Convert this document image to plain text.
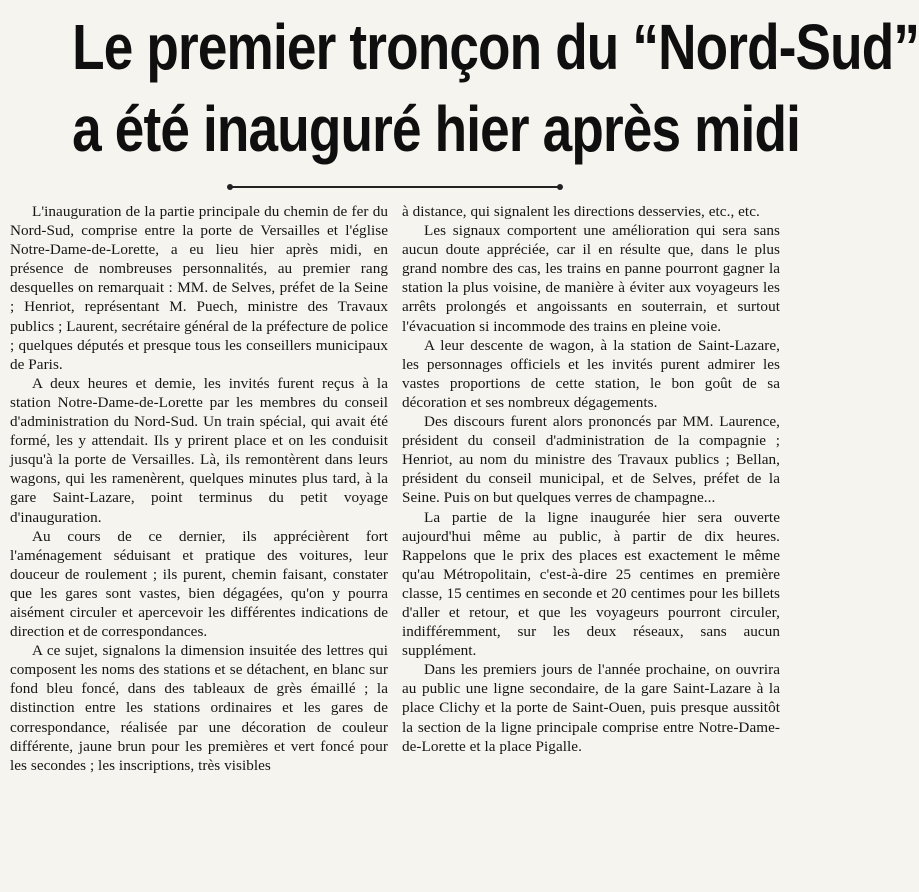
Le premier tronçon du “Nord-Sud”
a été inauguré hier après midi

L'inauguration de la partie principale du chemin de fer du Nord-Sud, comprise entre la porte de Versailles et l'église Notre-Dame-de-Lorette, a eu lieu hier après midi, en présence de nombreuses personnalités, au premier rang desquelles on remarquait : MM. de Selves, préfet de la Seine ; Henriot, représentant M. Puech, ministre des Travaux publics ; Laurent, secrétaire général de la préfecture de police ; quelques députés et presque tous les conseillers municipaux de Paris.

A deux heures et demie, les invités furent reçus à la station Notre-Dame-de-Lorette par les membres du conseil d'administration du Nord-Sud. Un train spécial, qui avait été formé, les y attendait. Ils y prirent place et on les conduisit jusqu'à la porte de Versailles. Là, ils remontèrent dans leurs wagons, qui les ramenèrent, quelques minutes plus tard, à la gare Saint-Lazare, point terminus du petit voyage d'inauguration.

Au cours de ce dernier, ils apprécièrent fort l'aménagement séduisant et pratique des voitures, leur douceur de roulement ; ils purent, chemin faisant, constater que les gares sont vastes, bien dégagées, qu'on y pourra aisément circuler et apercevoir les différentes indications de direction et de correspondances.

A ce sujet, signalons la dimension insuitée des lettres qui composent les noms des stations et se détachent, en blanc sur fond bleu foncé, dans des tableaux de grès émaillé ; la distinction entre les stations ordinaires et les gares de correspondance, réalisée par une décoration de couleur différente, jaune brun pour les premières et vert foncé pour les secondes ; les inscriptions, très visibles

à distance, qui signalent les directions desservies, etc., etc.

Les signaux comportent une amélioration qui sera sans aucun doute appréciée, car il en résulte que, dans le plus grand nombre des cas, les trains en panne pourront gagner la station la plus voisine, de manière à éviter aux voyageurs les arrêts prolongés et angoissants en souterrain, et surtout l'évacuation si incommode des trains en pleine voie.

A leur descente de wagon, à la station de Saint-Lazare, les personnages officiels et les invités purent admirer les vastes proportions de cette station, le bon goût de sa décoration et ses nombreux dégagements.

Des discours furent alors prononcés par MM. Laurence, président du conseil d'administration de la compagnie ; Henriot, au nom du ministre des Travaux publics ; Bellan, président du conseil municipal, et de Selves, préfet de la Seine. Puis on but quelques verres de champagne...

La partie de la ligne inaugurée hier sera ouverte aujourd'hui même au public, à partir de dix heures. Rappelons que le prix des places est exactement le même qu'au Métropolitain, c'est-à-dire 25 centimes en première classe, 15 centimes en seconde et 20 centimes pour les billets d'aller et retour, et que les voyageurs pourront circuler, indifféremment, sur les deux réseaux, sans aucun supplément.

Dans les premiers jours de l'année prochaine, on ouvrira au public une ligne secondaire, de la gare Saint-Lazare à la place Clichy et la porte de Saint-Ouen, puis presque aussitôt la section de la ligne principale comprise entre Notre-Dame-de-Lorette et la place Pigalle.
